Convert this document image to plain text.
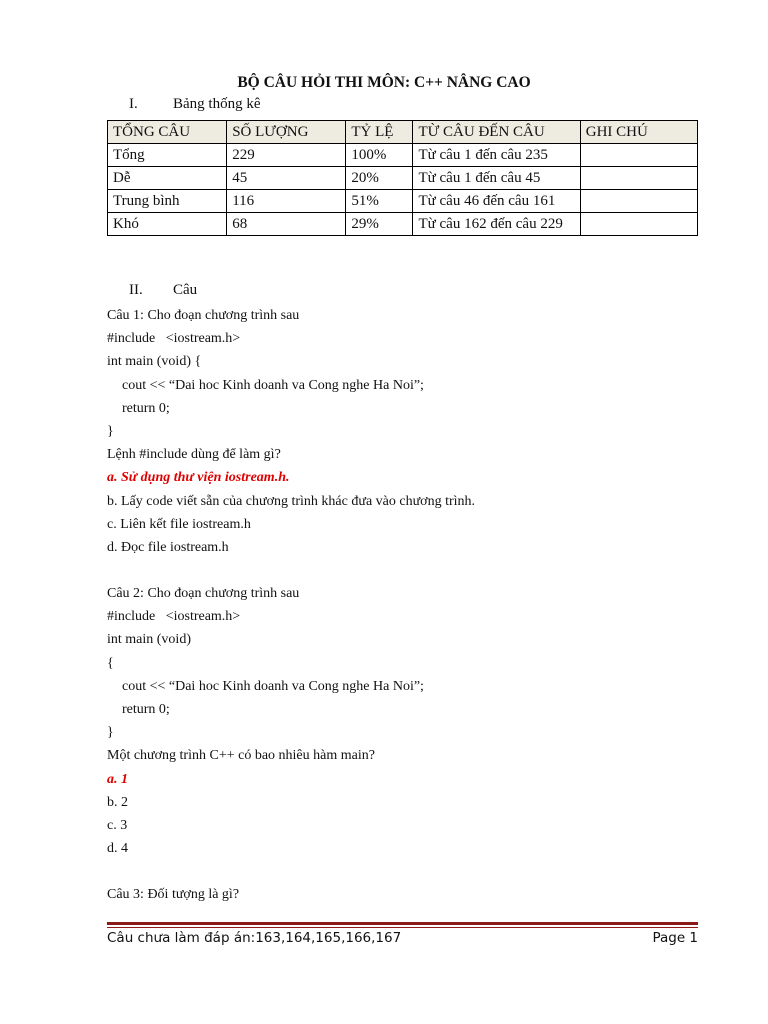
BỘ CÂU HỎI THI MÔN: C++ NÂNG CAO
I. Bảng thống kê
TỔNG CÂU	SỐ LƯỢNG	TỶ LỆ	TỪ CÂU ĐẾN CÂU	GHI CHÚ
Tổng	229	100%	Từ câu 1 đến câu 235	
Dễ	45	20%	Từ câu 1 đến câu 45	
Trung bình	116	51%	Từ câu 46 đến câu 161	
Khó	68	29%	Từ câu 162 đến câu 229	
II. Câu
Câu 1: Cho đoạn chương trình sau
#include   <iostream.h>
int main (void) {
cout << “Dai hoc Kinh doanh va Cong nghe Ha Noi”;
return 0;
}
Lệnh #include dùng để làm gì?
a. Sử dụng thư viện iostream.h.
b. Lấy code viết sẵn của chương trình khác đưa vào chương trình.
c. Liên kết file iostream.h
d. Đọc file iostream.h
Câu 2: Cho đoạn chương trình sau
#include   <iostream.h>
int main (void)
{
cout << “Dai hoc Kinh doanh va Cong nghe Ha Noi”;
return 0;
}
Một chương trình C++ có bao nhiêu hàm main?
a. 1
b. 2
c. 3
d. 4
Câu 3: Đối tượng là gì?
Câu chưa làm đáp án:163,164,165,166,167	Page 1
